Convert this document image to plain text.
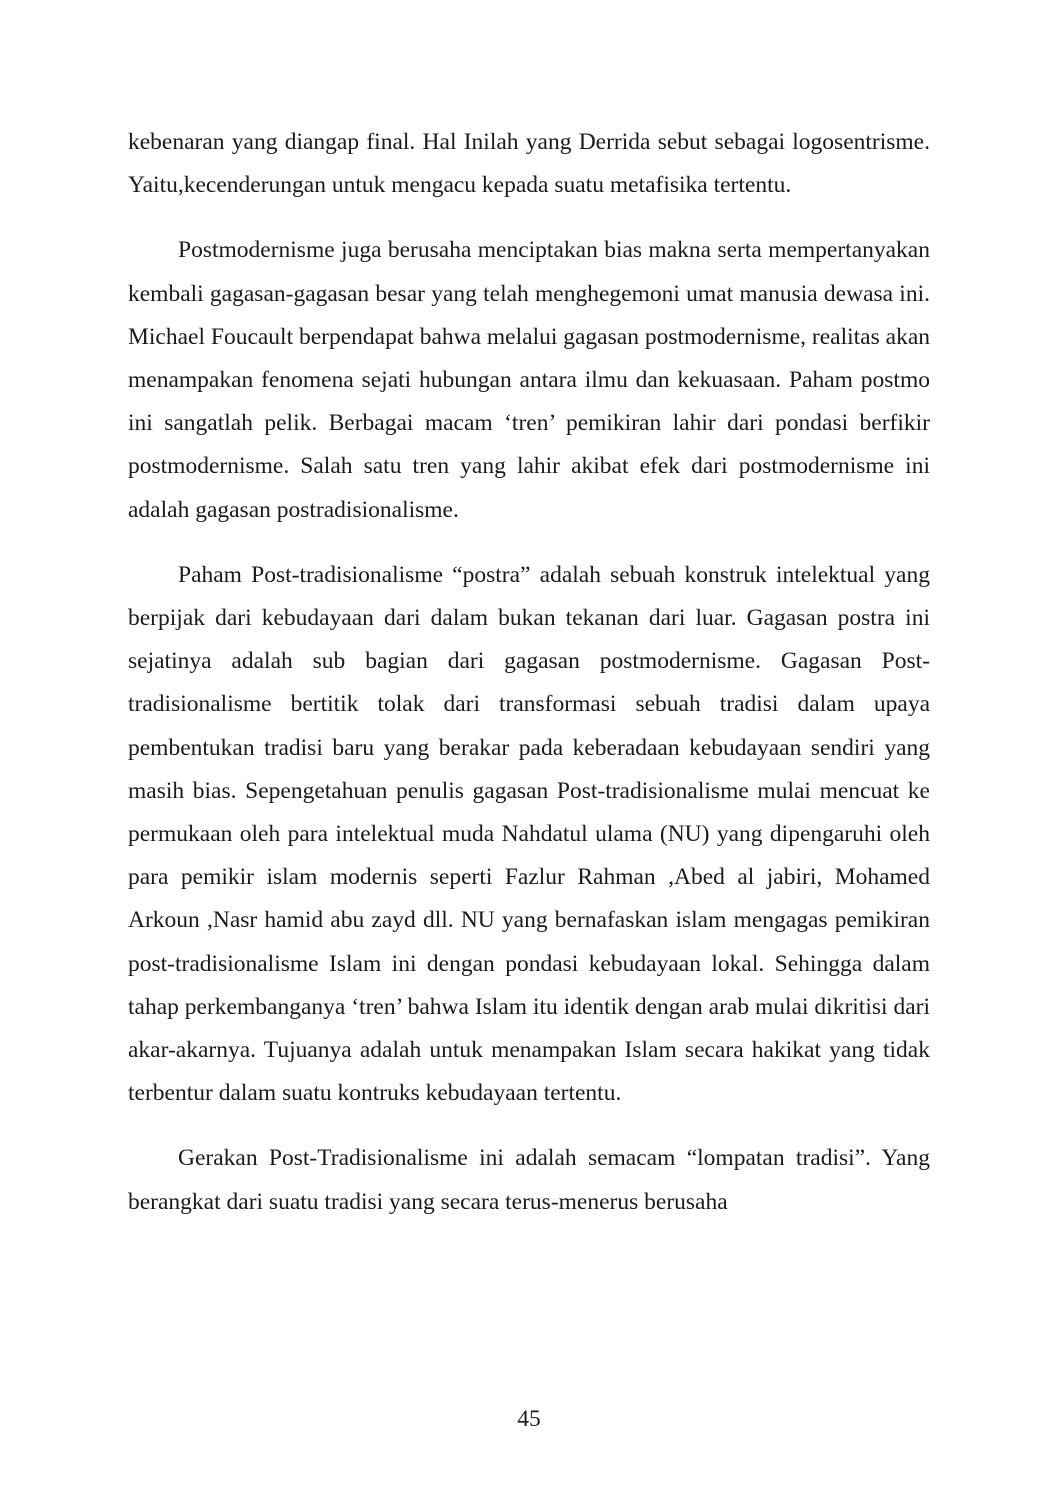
kebenaran yang diangap final. Hal Inilah yang Derrida sebut sebagai logosentrisme. Yaitu,kecenderungan untuk mengacu kepada suatu metafisika tertentu.

Postmodernisme juga berusaha menciptakan bias makna serta mempertanyakan kembali gagasan-gagasan besar yang telah menghegemoni umat manusia dewasa ini. Michael Foucault berpendapat bahwa melalui gagasan postmodernisme, realitas akan menampakan fenomena sejati hubungan antara ilmu dan kekuasaan. Paham postmo ini sangatlah pelik. Berbagai macam ‘tren’ pemikiran lahir dari pondasi berfikir postmodernisme. Salah satu tren yang lahir akibat efek dari postmodernisme ini adalah gagasan postradisionalisme.

Paham Post-tradisionalisme “postra” adalah sebuah konstruk intelektual yang berpijak dari kebudayaan dari dalam bukan tekanan dari luar. Gagasan postra ini sejatinya adalah sub bagian dari gagasan postmodernisme. Gagasan Post-tradisionalisme bertitik tolak dari transformasi sebuah tradisi dalam upaya pembentukan tradisi baru yang berakar pada keberadaan kebudayaan sendiri yang masih bias. Sepengetahuan penulis gagasan Post-tradisionalisme mulai mencuat ke permukaan oleh para intelektual muda Nahdatul ulama (NU) yang dipengaruhi oleh para pemikir islam modernis seperti Fazlur Rahman ,Abed al jabiri, Mohamed Arkoun ,Nasr hamid abu zayd dll. NU yang bernafaskan islam mengagas pemikiran post-tradisionalisme Islam ini dengan pondasi kebudayaan lokal. Sehingga dalam tahap perkembanganya ‘tren’ bahwa Islam itu identik dengan arab mulai dikritisi dari akar-akarnya. Tujuanya adalah untuk menampakan Islam secara hakikat yang tidak terbentur dalam suatu kontruks kebudayaan tertentu.

Gerakan Post-Tradisionalisme ini adalah semacam “lompatan tradisi”. Yang berangkat dari suatu tradisi yang secara terus-menerus berusaha

45
